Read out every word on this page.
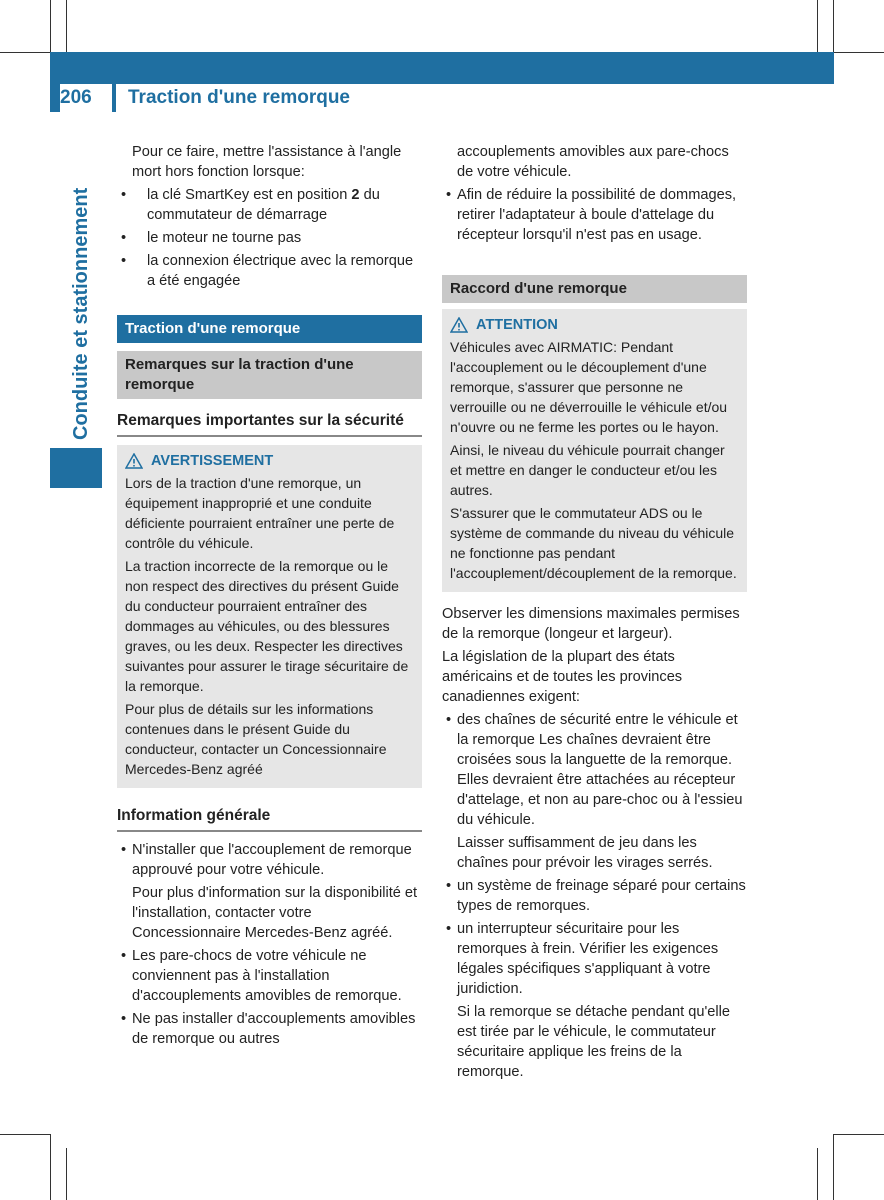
206	Traction d'une remorque
Conduite et stationnement

Pour ce faire, mettre l'assistance à l'angle mort hors fonction lorsque:

• la clé SmartKey est en position 2 du commutateur de démarrage
• le moteur ne tourne pas
• la connexion électrique avec la remorque a été engagée
Traction d'une remorque
Remarques sur la traction d'une remorque
Remarques importantes sur la sécurité
AVERTISSEMENT

Lors de la traction d'une remorque, un équipement inapproprié et une conduite déficiente pourraient entraîner une perte de contrôle du véhicule.

La traction incorrecte de la remorque ou le non respect des directives du présent Guide du conducteur pourraient entraîner des dommages au véhicules, ou des blessures graves, ou les deux. Respecter les directives suivantes pour assurer le tirage sécuritaire de la remorque.

Pour plus de détails sur les informations contenues dans le présent Guide du conducteur, contacter un Concessionnaire Mercedes-Benz agréé

Information générale
• N'installer que l'accouplement de remorque approuvé pour votre véhicule.
Pour plus d'information sur la disponibilité et l'installation, contacter votre Concessionnaire Mercedes-Benz agréé.
• Les pare-chocs de votre véhicule ne conviennent pas à l'installation d'accouplements amovibles de remorque.
• Ne pas installer d'accouplements amovibles de remorque ou autres
accouplements amovibles aux pare-chocs de votre véhicule.
• Afin de réduire la possibilité de dommages, retirer l'adaptateur à boule d'attelage du récepteur lorsqu'il n'est pas en usage.
Raccord d'une remorque
ATTENTION

Véhicules avec AIRMATIC: Pendant l'accouplement ou le découplement d'une remorque, s'assurer que personne ne verrouille ou ne déverrouille le véhicule et/ou n'ouvre ou ne ferme les portes ou le hayon.

Ainsi, le niveau du véhicule pourrait changer et mettre en danger le conducteur et/ou les autres.

S'assurer que le commutateur ADS ou le système de commande du niveau du véhicule ne fonctionne pas pendant l'accouplement/découplement de la remorque.

Observer les dimensions maximales permises de la remorque (longeur et largeur).

La législation de la plupart des états américains et de toutes les provinces canadiennes exigent:

• des chaînes de sécurité entre le véhicule et la remorque Les chaînes devraient être croisées sous la languette de la remorque. Elles devraient être attachées au récepteur d'attelage, et non au pare-choc ou à l'essieu du véhicule.
Laisser suffisamment de jeu dans les chaînes pour prévoir les virages serrés.
• un système de freinage séparé pour certains types de remorques.
• un interrupteur sécuritaire pour les remorques à frein. Vérifier les exigences légales spécifiques s'appliquant à votre juridiction.
Si la remorque se détache pendant qu'elle est tirée par le véhicule, le commutateur sécuritaire applique les freins de la remorque.
